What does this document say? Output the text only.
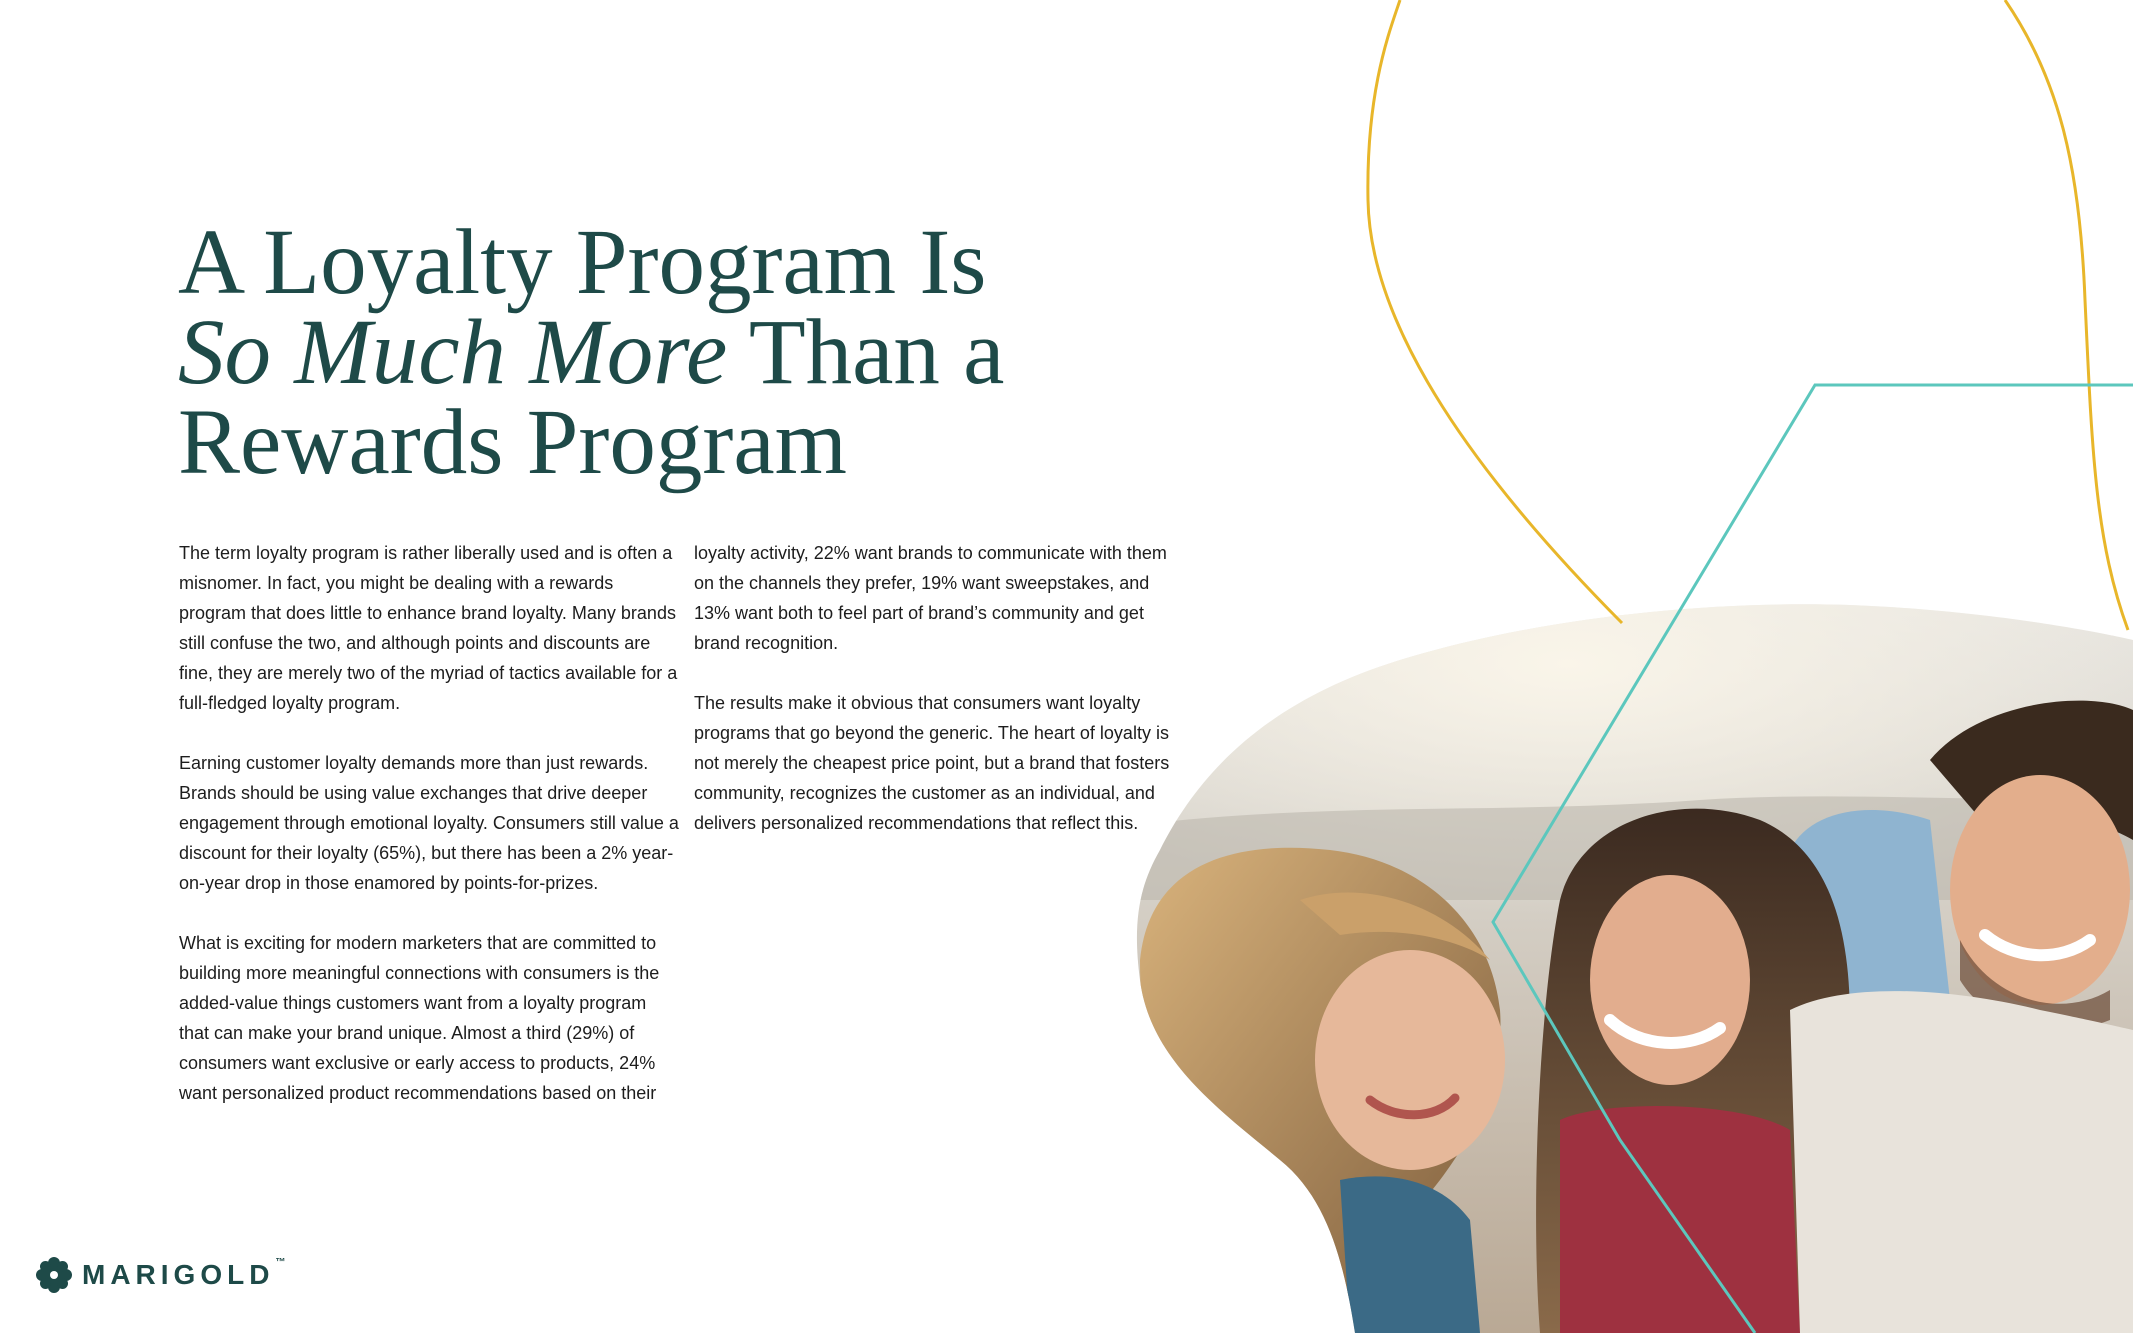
A Loyalty Program Is
So Much More Than a
Rewards Program

The term loyalty program is rather liberally used and is often a misnomer. In fact, you might be dealing with a rewards program that does little to enhance brand loyalty. Many brands still confuse the two, and although points and discounts are fine, they are merely two of the myriad of tactics available for a full-fledged loyalty program.

Earning customer loyalty demands more than just rewards. Brands should be using value exchanges that drive deeper engagement through emotional loyalty. Consumers still value a discount for their loyalty (65%), but there has been a 2% year-on-year drop in those enamored by points-for-prizes.

What is exciting for modern marketers that are committed to building more meaningful connections with consumers is the added-value things customers want from a loyalty program that can make your brand unique. Almost a third (29%) of consumers want exclusive or early access to products, 24% want personalized product recommendations based on their

loyalty activity, 22% want brands to communicate with them on the channels they prefer, 19% want sweepstakes, and 13% want both to feel part of brand’s community and get brand recognition.

The results make it obvious that consumers want loyalty programs that go beyond the generic. The heart of loyalty is not merely the cheapest price point, but a brand that fosters community, recognizes the customer as an individual, and delivers personalized recommendations that reflect this.

MARIGOLD ™
